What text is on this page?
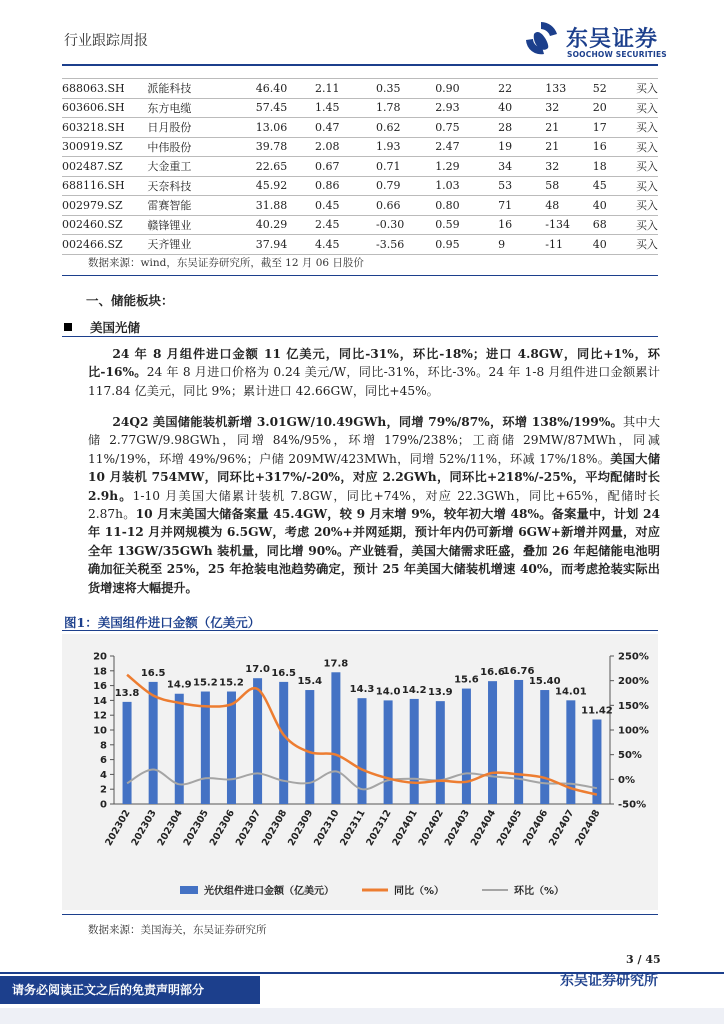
行业跟踪周报	东吴证券
SOOCHOW SECURITIES
688063.SH	派能科技	46.40	2.11	0.35	0.90	22	133	52	买入
603606.SH	东方电缆	57.45	1.45	1.78	2.93	40	32	20	买入
603218.SH	日月股份	13.06	0.47	0.62	0.75	28	21	17	买入
300919.SZ	中伟股份	39.78	2.08	1.93	2.47	19	21	16	买入
002487.SZ	大金重工	22.65	0.67	0.71	1.29	34	32	18	买入
688116.SH	天奈科技	45.92	0.86	0.79	1.03	53	58	45	买入
002979.SZ	雷赛智能	31.88	0.45	0.66	0.80	71	48	40	买入
002460.SZ	赣锋锂业	40.29	2.45	-0.30	0.59	16	-134	68	买入
002466.SZ	天齐锂业	37.94	4.45	-3.56	0.95	9	-11	40	买入
数据来源：wind，东吴证券研究所，截至 12 月 06 日股价
一、储能板块：
美国光储

24 年 8 月组件进口金额 11 亿美元，同比-31%，环比-18%；进口 4.8GW，同比+1%，环比-16%。24 年 8 月进口价格为 0.24 美元/W，同比-31%，环比-3%。24 年 1-8 月组件进口金额累计 117.84 亿美元，同比 9%；累计进口 42.66GW，同比+45%。

24Q2 美国储能装机新增 3.01GW/10.49GWh，同增 79%/87%，环增 138%/199%。其中大储 2.77GW/9.98GWh，同增 84%/95%，环增 179%/238%；工商储 29MW/87MWh，同减 11%/19%，环增 49%/96%；户储 209MW/423MWh，同增 52%/11%，环减 17%/18%。美国大储 10 月装机 754MW，同环比+317%/-20%，对应 2.2GWh，同环比+218%/-25%，平均配储时长 2.9h。1-10 月美国大储累计装机 7.8GW，同比+74%，对应 22.3GWh，同比+65%，配储时长 2.87h。10 月末美国大储备案量 45.4GW，较 9 月末增 9%，较年初大增 48%。备案量中，计划 24 年 11-12 月并网规模为 6.5GW，考虑 20%+并网延期，预计年内仍可新增 6GW+新增并网量，对应全年 13GW/35GWh 装机量，同比增 90%。产业链看，美国大储需求旺盛，叠加 26 年起储能电池明确加征关税至 25%，25 年抢装电池趋势确定，预计 25 年美国大储装机增速 40%，而考虑抢装实际出货增速将大幅提升。

图1：美国组件进口金额（亿美元）
0
2
4
6
8
10
12
14
16
18
20
-50%
0%
50%
100%
150%
200%
250%
13.8
202302
16.5
202303
14.9
202304
15.2
202305
15.2
202306
17.0
202307
16.5
202308
15.4
202309
17.8
202310
14.3
202311
14.0
202312
14.2
202401
13.9
202402
15.6
202403
16.6
202404
16.76
202405
15.40
202406
14.01
202407
11.42
202408
光伏组件进口金额（亿美元）	同比（%）	环比（%）
数据来源：美国海关，东吴证券研究所
3 / 45
请务必阅读正文之后的免责声明部分
东吴证券研究所
